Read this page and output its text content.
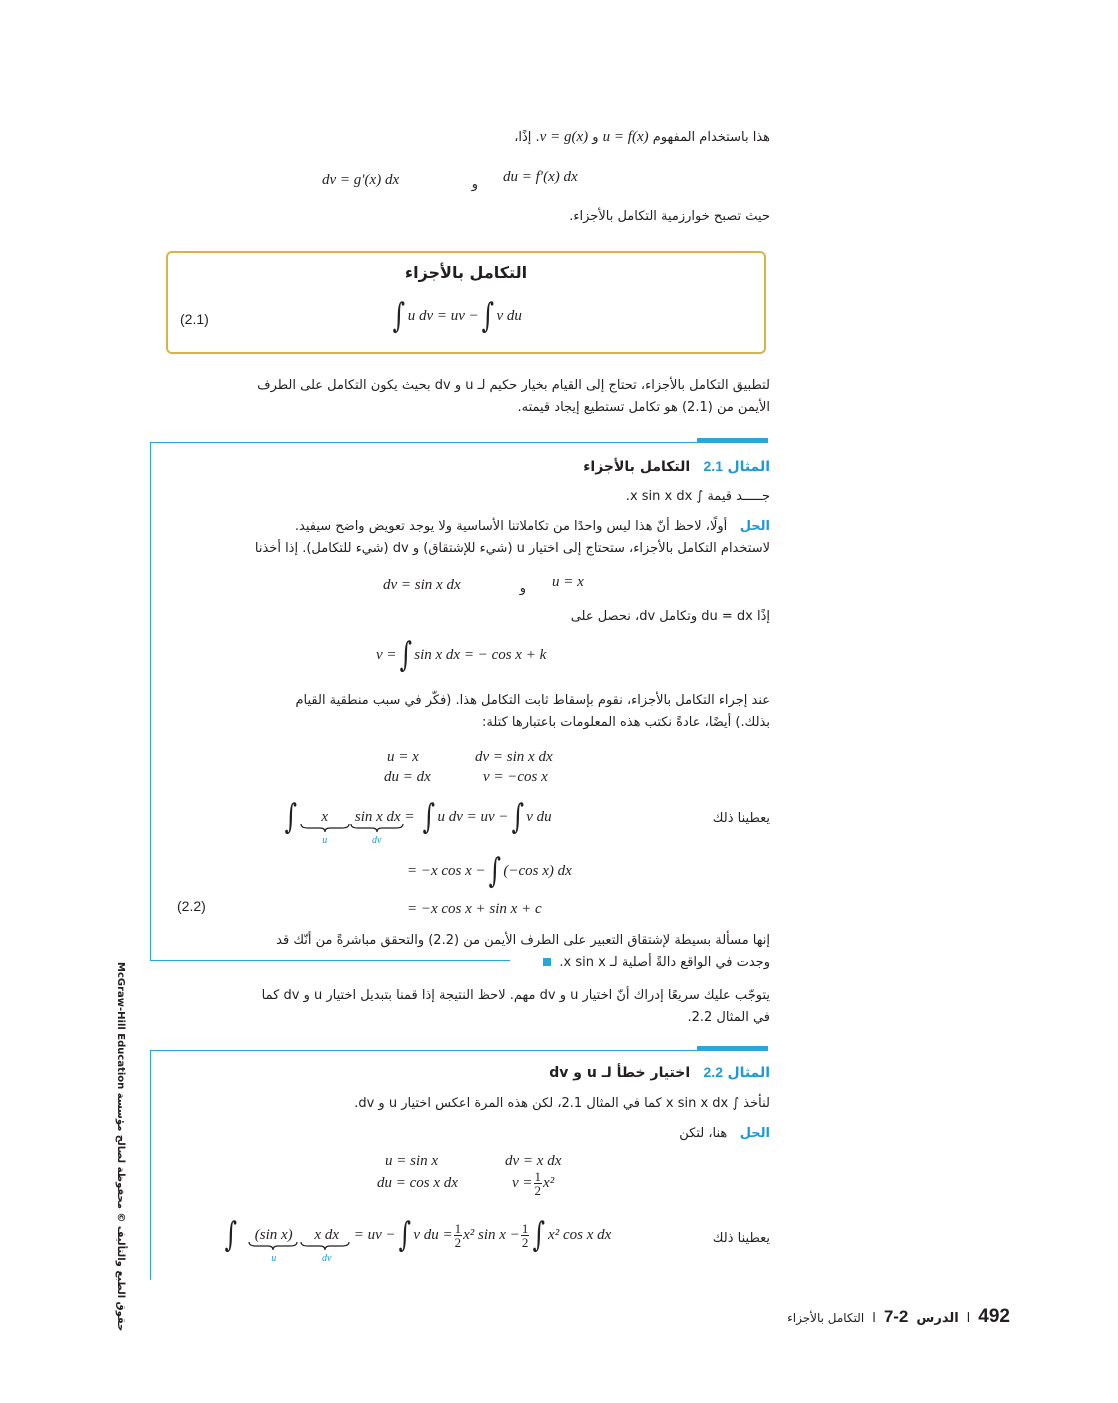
هذا باستخدام المفهوم u = f(x) و v = g(x). إذًا،
dv = g′(x) dx	و du = f′(x) dx
حيث تصبح خوارزمية التكامل بالأجزاء.
التكامل بالأجزاء
(2.1)	∫ u dv = uv − ∫ v du
لتطبيق التكامل بالأجزاء، تحتاج إلى القيام بخيار حكيم لـ u و dv بحيث يكون التكامل على الطرف
الأيمن من (2.1) هو تكامل تستطيع إيجاد قيمته.
المثال 2.1   التكامل بالأجزاء
جـــــد قيمة ∫ x sin x dx.
الحل   أولًا، لاحظ أنّ هذا ليس واحدًا من تكاملاتنا الأساسية ولا يوجد تعويض واضح سيفيد.
لاستخدام التكامل بالأجزاء، ستحتاج إلى اختيار u (شيء للإشتقاق) و dv (شيء للتكامل). إذا أخذنا
dv = sin x dx	و u = x
إذًا du = dx وتكامل dv، نحصل على
v = ∫ sin x dx = − cos x + k
عند إجراء التكامل بالأجزاء، نقوم بإسقاط ثابت التكامل هذا. (فكّر في سبب منطقية القيام
بذلك.) أيضًا، عادةً نكتب هذه المعلومات باعتبارها كتلة:
u = x	dv = sin x dx
du = dx	v = −cos x
يعطينا ذلك
∫	x
u
sin x dx =
dv
∫ u dv = uv − ∫ v du
= −x cos x − ∫ (−cos x) dx
(2.2)	= −x cos x + sin x + c
إنها مسألة بسيطة لإشتقاق التعبير على الطرف الأيمن من (2.2) والتحقق مباشرةً من أنّك قد
وجدت في الواقع دالةً أصلية لـ x sin x.
يتوجّب عليك سريعًا إدراك أنّ اختيار u و dv مهم. لاحظ النتيجة إذا قمنا بتبديل اختيار u و dv كما
في المثال 2.2.
المثال 2.2   اختيار خطأ لـ u و dv
لنأخذ ∫ x sin x dx كما في المثال 2.1، لكن هذه المرة اعكس اختيار u و dv.
الحل   هنا، لتكن
u = sin x	dv = x dx
du = cos x dx	$v = \frac{1}{2} x^2$
يعطينا ذلك
∫	(sin x)
u
x dx
dv
= uv − ∫ v du = $\frac{1}{2} x^2$ $\sin x - \frac{1}{2}$ ∫ x² cos x dx
حقوق الطبع والتأليف © محفوظة لصالح مؤسسة McGraw-Hill Education	492
ا
الدرس
7-2
ا
التكامل بالأجزاء
